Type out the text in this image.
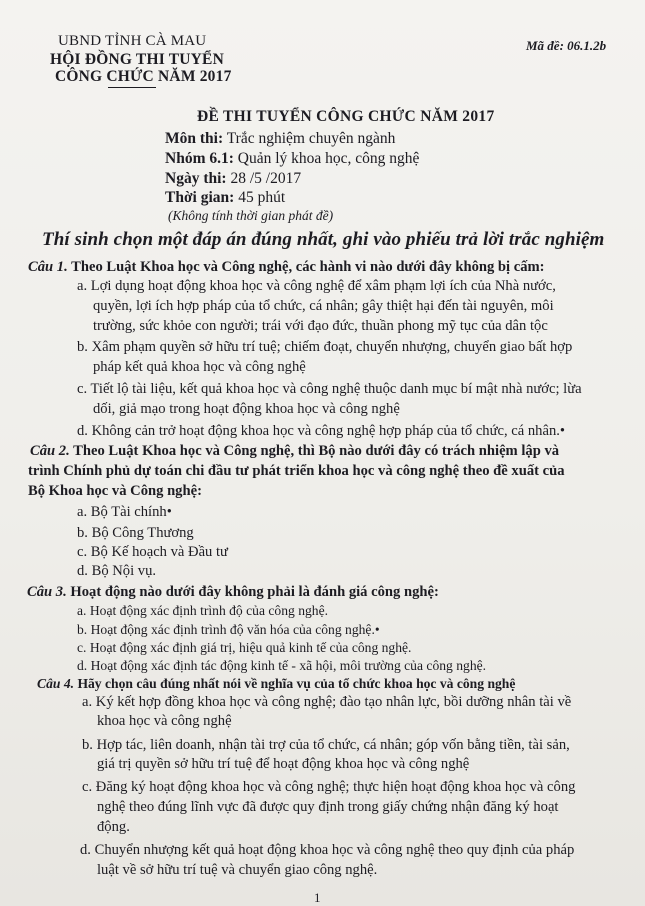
UBND TỈNH CÀ MAU
HỘI ĐỒNG THI TUYỂN
CÔNG CHỨC NĂM 2017
Mã đề: 06.1.2b
ĐỀ THI TUYỂN CÔNG CHỨC NĂM 2017
Môn thi: Trắc nghiệm chuyên ngành
Nhóm 6.1: Quản lý khoa học, công nghệ
Ngày thi: 28 /5 /2017
Thời gian: 45 phút
(Không tính thời gian phát đề)
Thí sinh chọn một đáp án đúng nhất, ghi vào phiếu trả lời trắc nghiệm
Câu 1. Theo Luật Khoa học và Công nghệ, các hành vi nào dưới đây không bị cấm:
a. Lợi dụng hoạt động khoa học và công nghệ để xâm phạm lợi ích của Nhà nước,
quyền, lợi ích hợp pháp của tổ chức, cá nhân; gây thiệt hại đến tài nguyên, môi
trường, sức khỏe con người; trái với đạo đức, thuần phong mỹ tục của dân tộc
b. Xâm phạm quyền sở hữu trí tuệ; chiếm đoạt, chuyển nhượng, chuyển giao bất hợp
pháp kết quả khoa học và công nghệ
c. Tiết lộ tài liệu, kết quả khoa học và công nghệ thuộc danh mục bí mật nhà nước; lừa
dối, giả mạo trong hoạt động khoa học và công nghệ
d. Không cản trở hoạt động khoa học và công nghệ hợp pháp của tổ chức, cá nhân.•
Câu 2. Theo Luật Khoa học và Công nghệ, thì Bộ nào dưới đây có trách nhiệm lập và
trình Chính phủ dự toán chi đầu tư phát triển khoa học và công nghệ theo đề xuất của
Bộ Khoa học và Công nghệ:
a. Bộ Tài chính•
b. Bộ Công Thương
c. Bộ Kế hoạch và Đầu tư
d. Bộ Nội vụ.
Câu 3. Hoạt động nào dưới đây không phải là đánh giá công nghệ:
a. Hoạt động xác định trình độ của công nghệ.
b. Hoạt động xác định trình độ văn hóa của công nghệ.•
c. Hoạt động xác định giá trị, hiệu quả kinh tế của công nghệ.
d. Hoạt động xác định tác động kinh tế - xã hội, môi trường của công nghệ.
Câu 4. Hãy chọn câu đúng nhất nói về nghĩa vụ của tổ chức khoa học và công nghệ
a. Ký kết hợp đồng khoa học và công nghệ; đào tạo nhân lực, bồi dưỡng nhân tài về
khoa học và công nghệ
b. Hợp tác, liên doanh, nhận tài trợ của tổ chức, cá nhân; góp vốn bằng tiền, tài sản,
giá trị quyền sở hữu trí tuệ để hoạt động khoa học và công nghệ
c. Đăng ký hoạt động khoa học và công nghệ; thực hiện hoạt động khoa học và công
nghệ theo đúng lĩnh vực đã được quy định trong giấy chứng nhận đăng ký hoạt
động.
d. Chuyển nhượng kết quả hoạt động khoa học và công nghệ theo quy định của pháp
luật về sở hữu trí tuệ và chuyển giao công nghệ.
1
